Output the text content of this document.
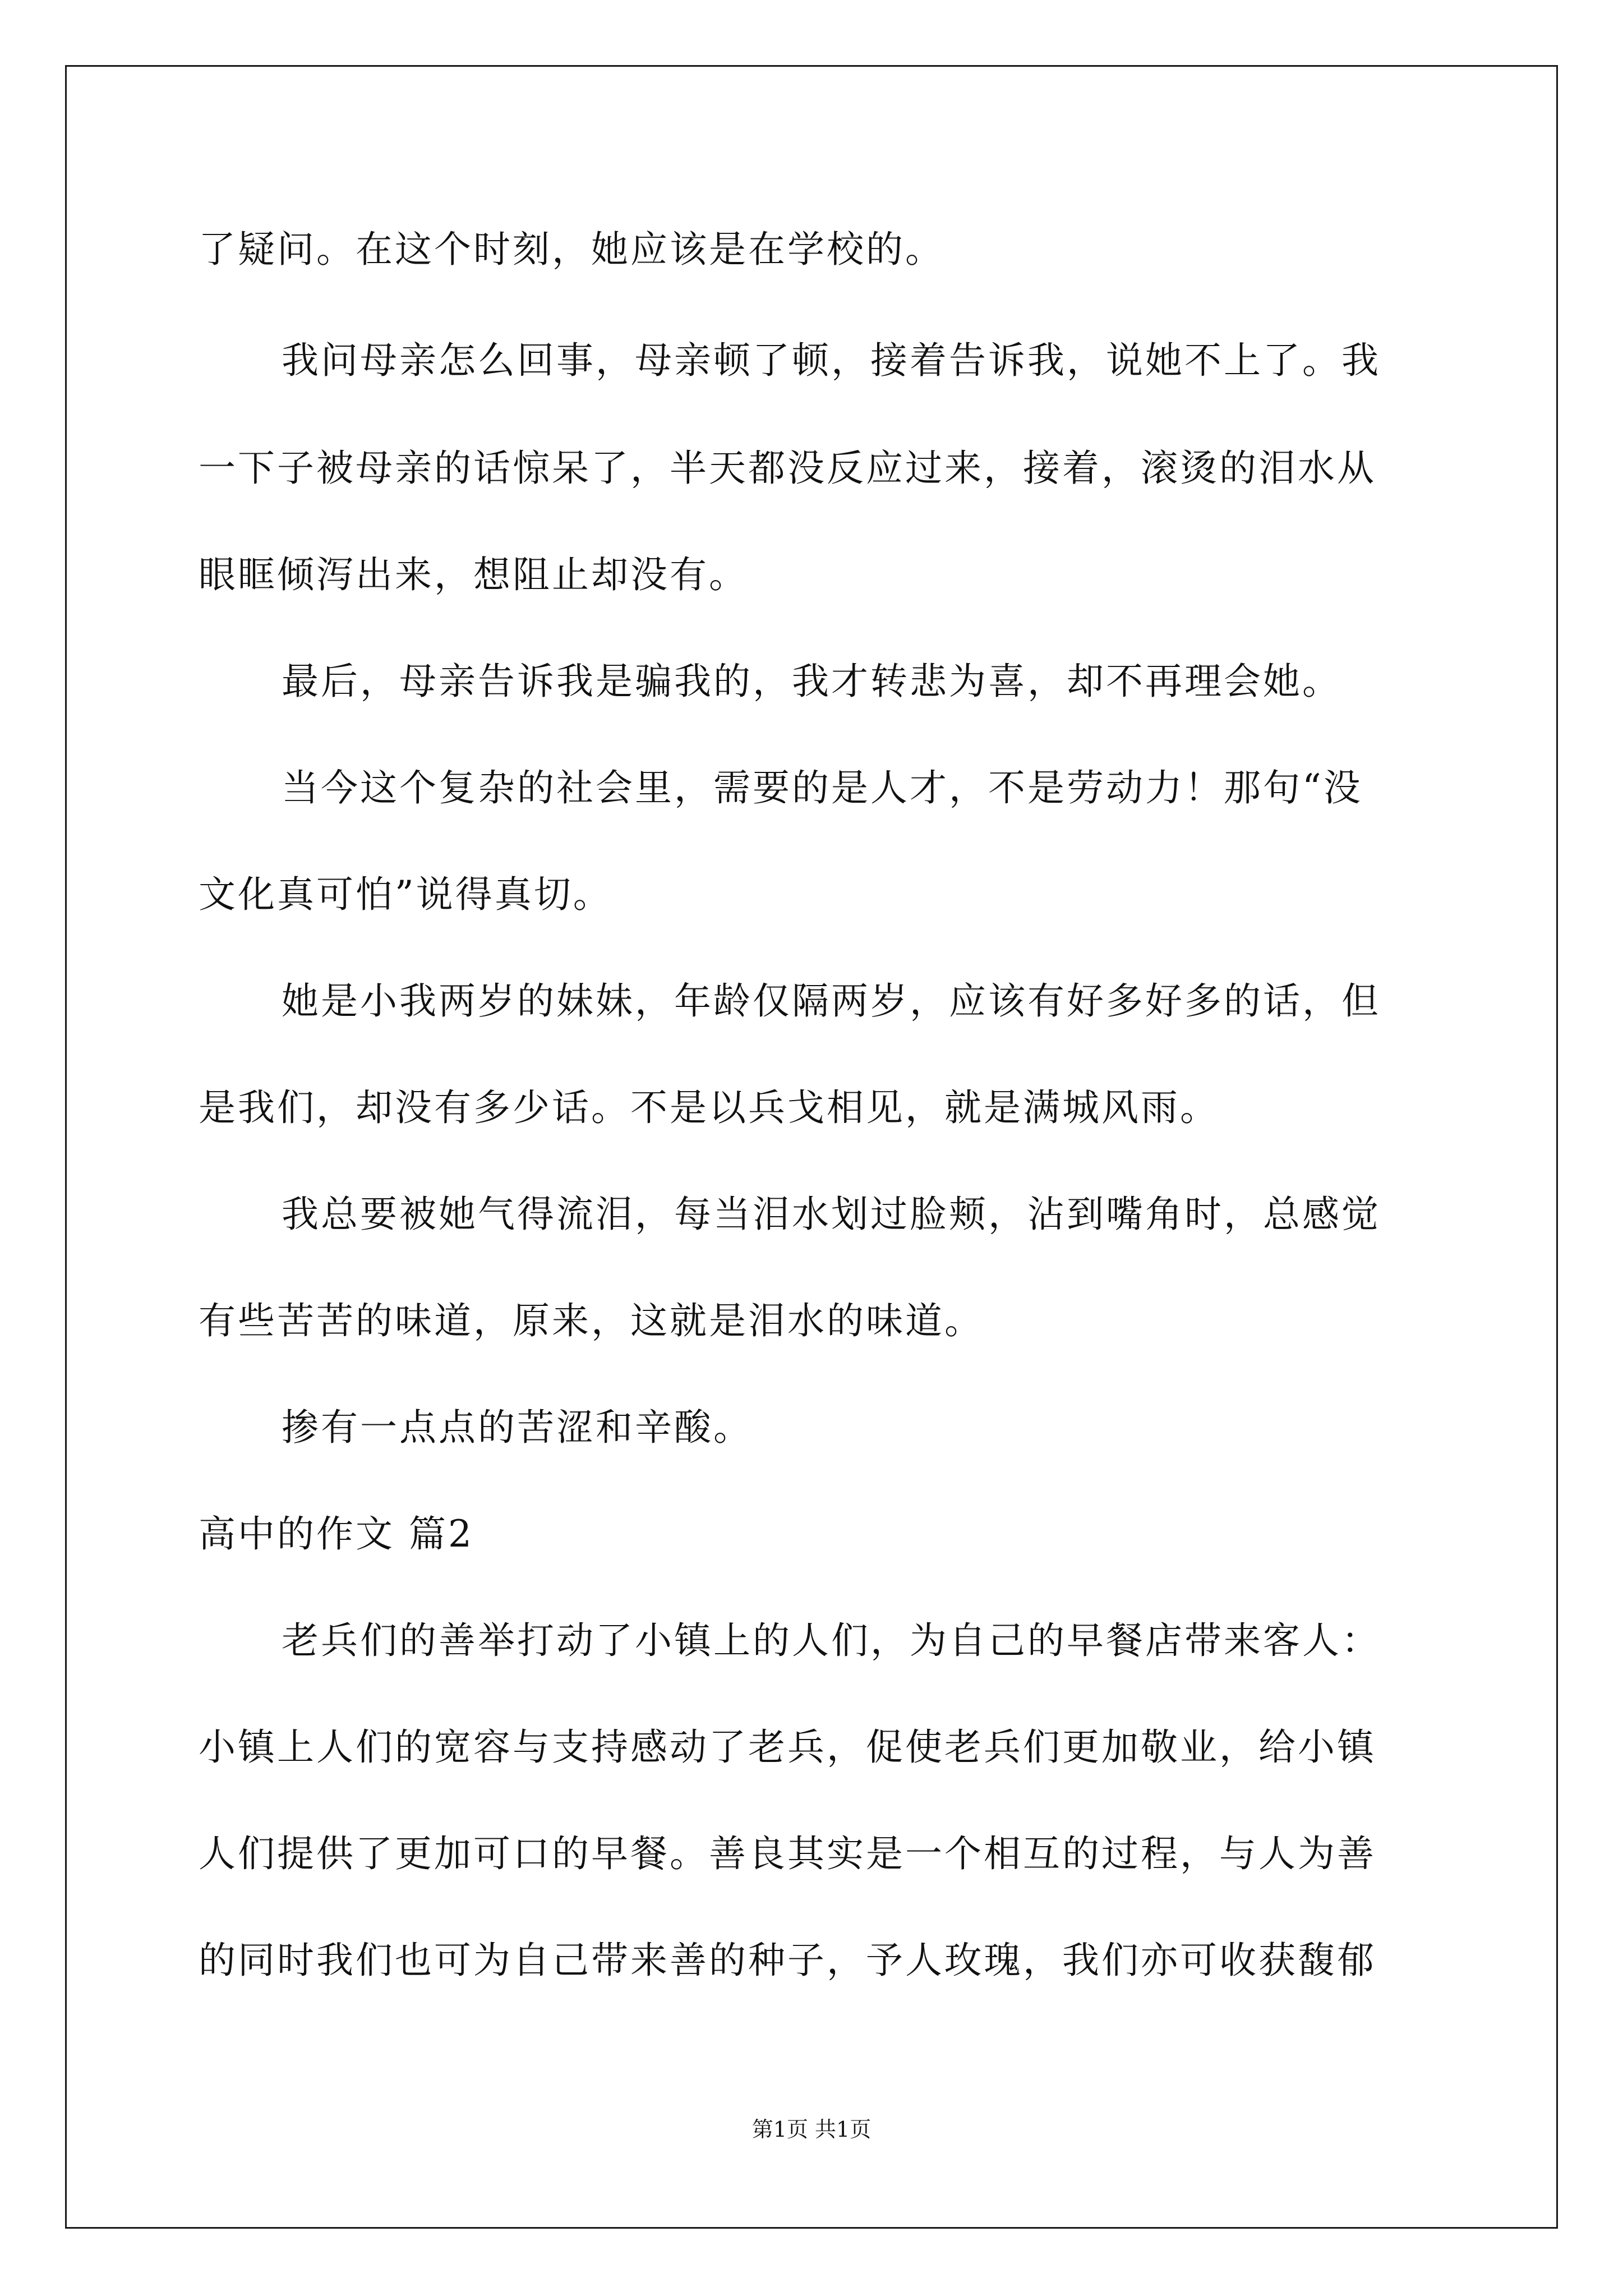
了疑问。在这个时刻，她应该是在学校的。
我问母亲怎么回事，母亲顿了顿，接着告诉我，说她不上了。我
一下子被母亲的话惊呆了，半天都没反应过来，接着，滚烫的泪水从
眼眶倾泻出来，想阻止却没有。
最后，母亲告诉我是骗我的，我才转悲为喜，却不再理会她。
当今这个复杂的社会里，需要的是人才，不是劳动力！那句“没
文化真可怕”说得真切。
她是小我两岁的妹妹，年龄仅隔两岁，应该有好多好多的话，但
是我们，却没有多少话。不是以兵戈相见，就是满城风雨。
我总要被她气得流泪，每当泪水划过脸颊，沾到嘴角时，总感觉
有些苦苦的味道，原来，这就是泪水的味道。
掺有一点点的苦涩和辛酸。
高中的作文 篇2
老兵们的善举打动了小镇上的人们，为自己的早餐店带来客人：
小镇上人们的宽容与支持感动了老兵，促使老兵们更加敬业，给小镇
人们提供了更加可口的早餐。善良其实是一个相互的过程，与人为善
的同时我们也可为自己带来善的种子，予人玫瑰，我们亦可收获馥郁
第1页 共1页
